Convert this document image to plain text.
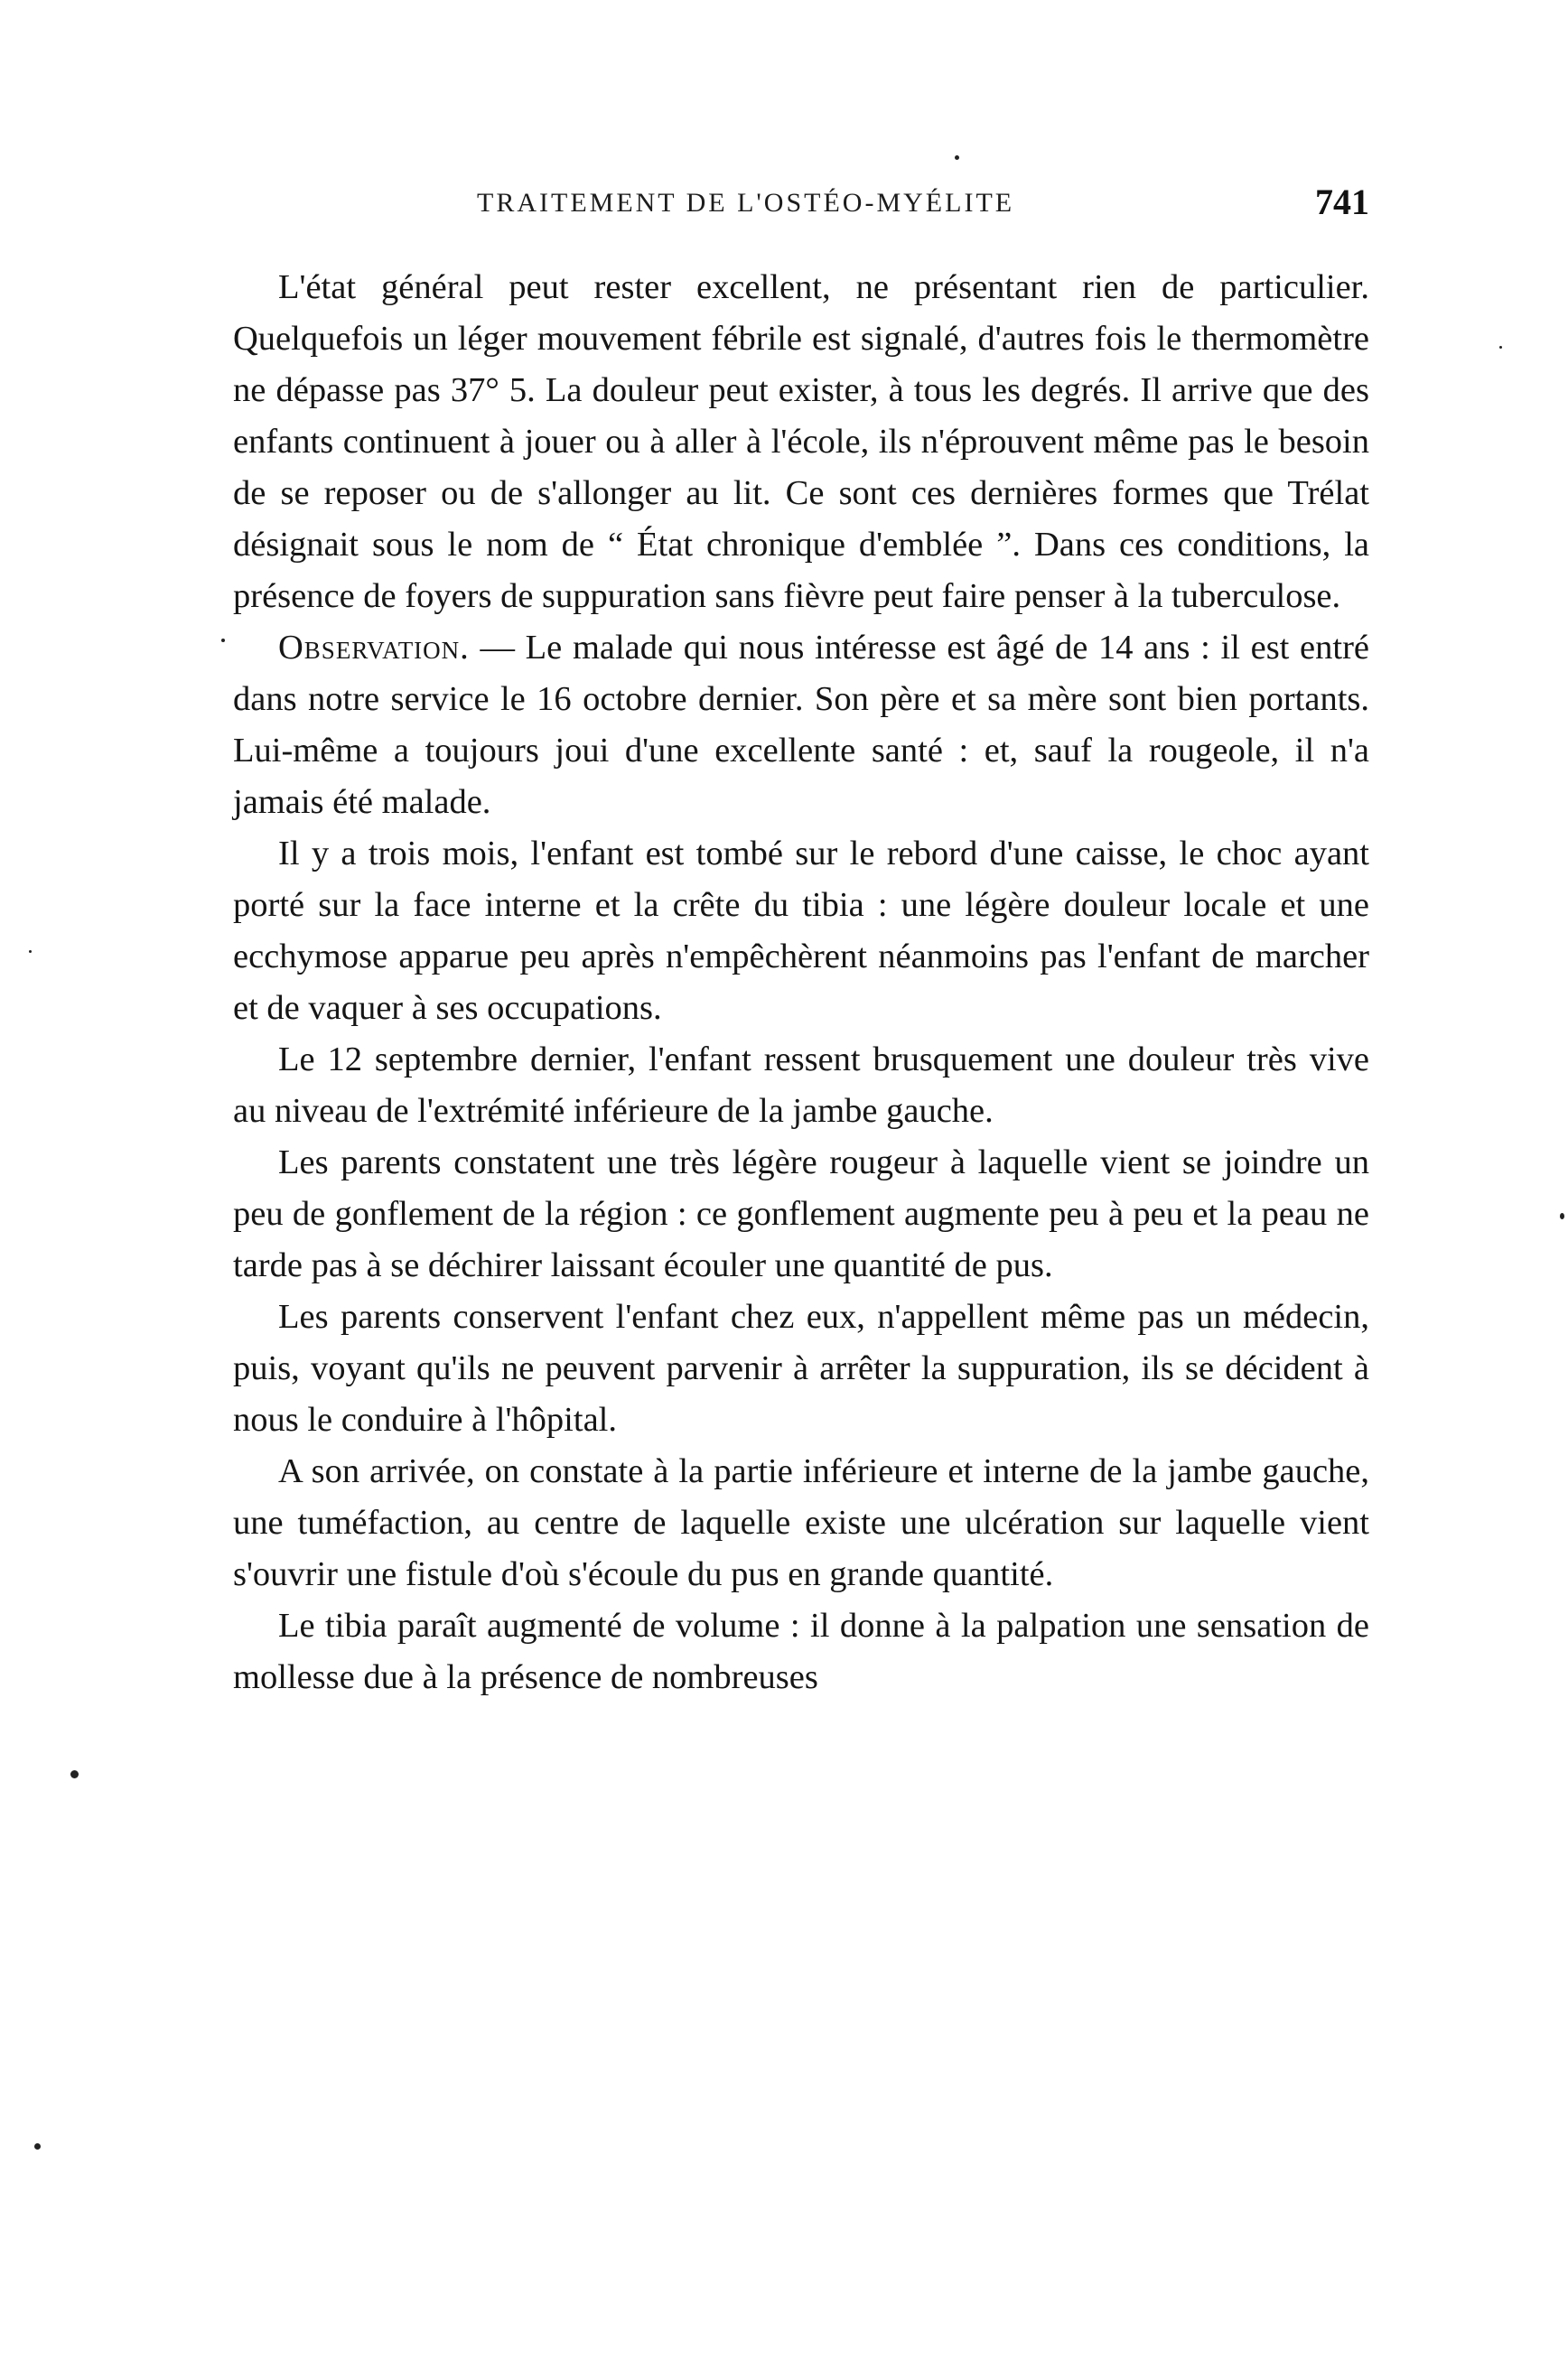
TRAITEMENT DE L'OSTÉO-MYÉLITE	741

L'état général peut rester excellent, ne présentant rien de particulier. Quelquefois un léger mouvement fébrile est signalé, d'autres fois le thermomètre ne dépasse pas 37° 5. La douleur peut exister, à tous les degrés. Il arrive que des enfants continuent à jouer ou à aller à l'école, ils n'éprouvent même pas le besoin de se reposer ou de s'allonger au lit. Ce sont ces dernières formes que Trélat désignait sous le nom de “ État chronique d'emblée ”. Dans ces conditions, la présence de foyers de suppuration sans fièvre peut faire penser à la tuberculose.

Observation. — Le malade qui nous intéresse est âgé de 14 ans : il est entré dans notre service le 16 octobre dernier. Son père et sa mère sont bien portants. Lui-même a toujours joui d'une excellente santé : et, sauf la rougeole, il n'a jamais été malade.

Il y a trois mois, l'enfant est tombé sur le rebord d'une caisse, le choc ayant porté sur la face interne et la crête du tibia : une légère douleur locale et une ecchymose apparue peu après n'empêchèrent néanmoins pas l'enfant de marcher et de vaquer à ses occupations.

Le 12 septembre dernier, l'enfant ressent brusquement une douleur très vive au niveau de l'extrémité inférieure de la jambe gauche.

Les parents constatent une très légère rougeur à laquelle vient se joindre un peu de gonflement de la région : ce gonflement augmente peu à peu et la peau ne tarde pas à se déchirer laissant écouler une quantité de pus.

Les parents conservent l'enfant chez eux, n'appellent même pas un médecin, puis, voyant qu'ils ne peuvent parvenir à arrêter la suppuration, ils se décident à nous le conduire à l'hôpital.

A son arrivée, on constate à la partie inférieure et interne de la jambe gauche, une tuméfaction, au centre de laquelle existe une ulcération sur laquelle vient s'ouvrir une fistule d'où s'écoule du pus en grande quantité.

Le tibia paraît augmenté de volume : il donne à la palpation une sensation de mollesse due à la présence de nombreuses
